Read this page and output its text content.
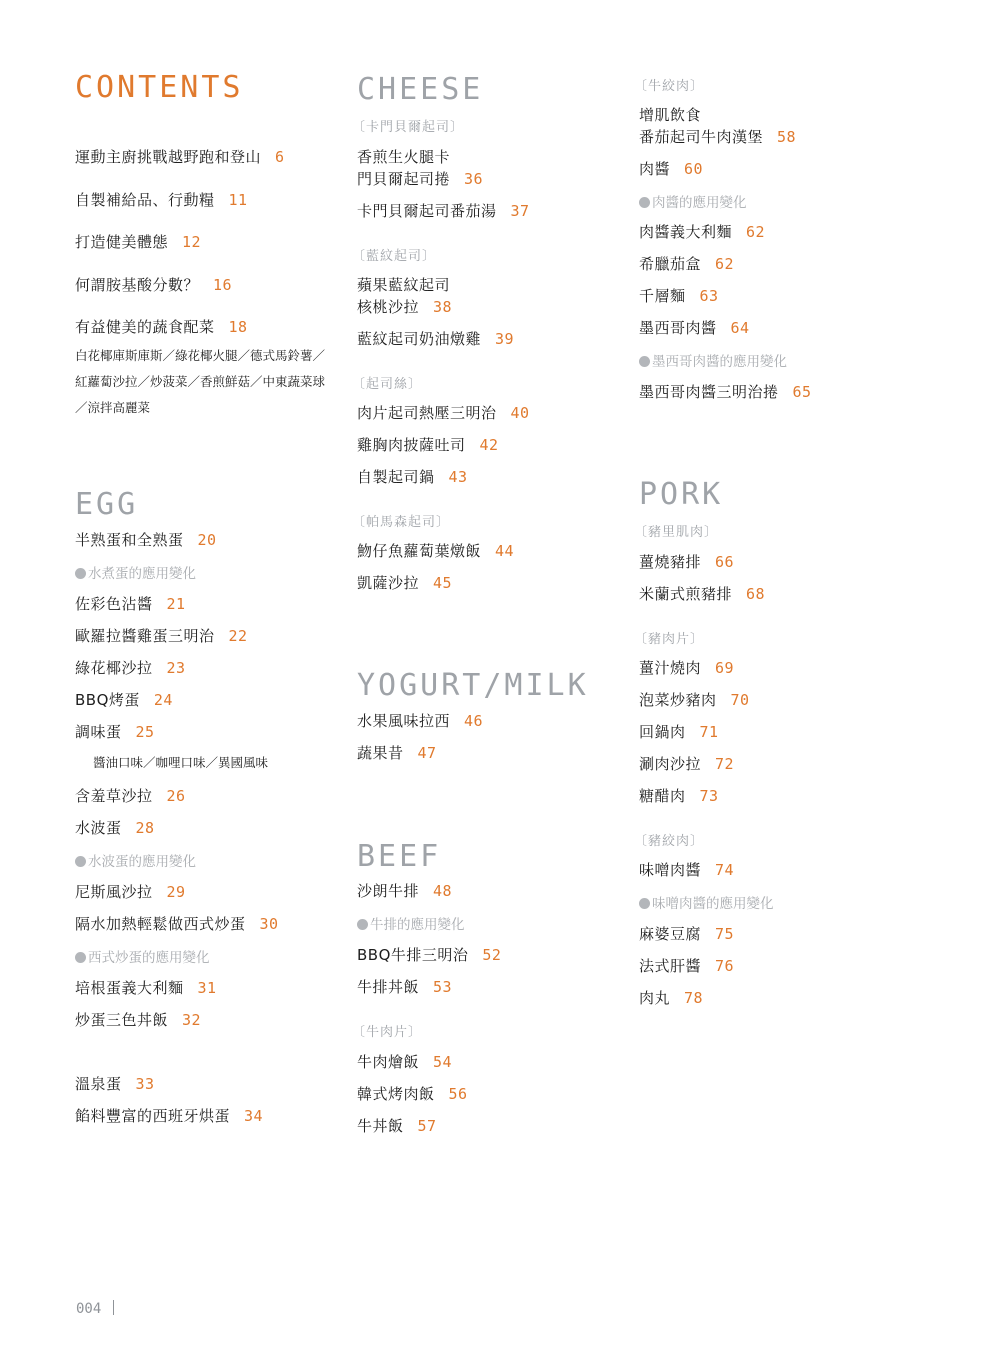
CONTENTS
運動主廚挑戰越野跑和登山 6
自製補給品、行動糧 11
打造健美體態 12
何謂胺基酸分數？ 16
有益健美的蔬食配菜 18
白花椰庫斯庫斯／綠花椰火腿／德式馬鈴薯／紅蘿蔔沙拉／炒菠菜／香煎鮮菇／中東蔬菜球／涼拌高麗菜
EGG
半熟蛋和全熟蛋 20
水煮蛋的應用變化
佐彩色沾醬 21
歐羅拉醬雞蛋三明治 22
綠花椰沙拉 23
BBQ烤蛋 24
調味蛋 25
醬油口味／咖哩口味／異國風味
含羞草沙拉 26
水波蛋 28
水波蛋的應用變化
尼斯風沙拉 29
隔水加熱輕鬆做西式炒蛋 30
西式炒蛋的應用變化
培根蛋義大利麵 31
炒蛋三色丼飯 32
溫泉蛋 33
餡料豐富的西班牙烘蛋 34
CHEESE
〔卡門貝爾起司〕
香煎生火腿卡
門貝爾起司捲 36
卡門貝爾起司番茄湯 37
〔藍紋起司〕
蘋果藍紋起司
核桃沙拉 38
藍紋起司奶油燉雞 39
〔起司絲〕
肉片起司熱壓三明治 40
雞胸肉披薩吐司 42
自製起司鍋 43
〔帕馬森起司〕
魩仔魚蘿蔔葉燉飯 44
凱薩沙拉 45
YOGURT/MILK
水果風味拉西 46
蔬果昔 47
BEEF
沙朗牛排 48
牛排的應用變化
BBQ牛排三明治 52
牛排丼飯 53
〔牛肉片〕
牛肉燴飯 54
韓式烤肉飯 56
牛丼飯 57
〔牛絞肉〕
增肌飲食
番茄起司牛肉漢堡 58
肉醬 60
肉醬的應用變化
肉醬義大利麵 62
希臘茄盒 62
千層麵 63
墨西哥肉醬 64
墨西哥肉醬的應用變化
墨西哥肉醬三明治捲 65
PORK
〔豬里肌肉〕
薑燒豬排 66
米蘭式煎豬排 68
〔豬肉片〕
薑汁燒肉 69
泡菜炒豬肉 70
回鍋肉 71
涮肉沙拉 72
糖醋肉 73
〔豬絞肉〕
味噌肉醬 74
味噌肉醬的應用變化
麻婆豆腐 75
法式肝醬 76
肉丸 78
004
